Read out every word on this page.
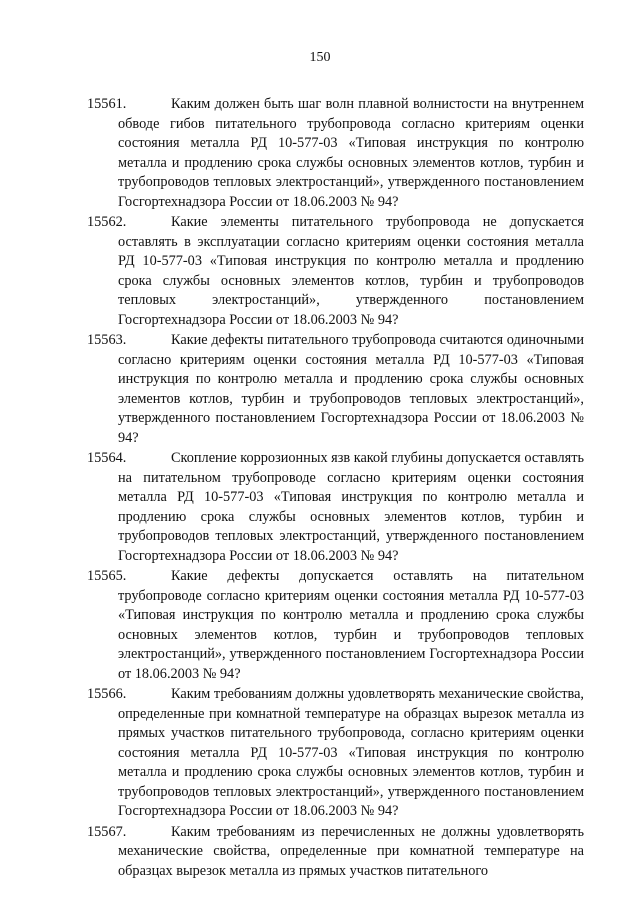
150

15561.	Каким должен быть шаг волн плавной волнистости на внутреннем обводе гибов питательного трубопровода согласно критериям оценки состояния металла РД 10-577-03 «Типовая инструкция по контролю металла и продлению срока службы основных элементов котлов, турбин и трубопроводов тепловых электростанций», утвержденного постановлением Госгортехнадзора России от 18.06.2003 № 94?

15562.	Какие элементы питательного трубопровода не допускается оставлять в эксплуатации согласно критериям оценки состояния металла РД 10-577-03 «Типовая инструкция по контролю металла и продлению срока службы основных элементов котлов, турбин и трубопроводов тепловых электростанций», утвержденного постановлением Госгортехнадзора России от 18.06.2003 № 94?

15563.	Какие дефекты питательного трубопровода считаются одиночными согласно критериям оценки состояния металла РД 10-577-03 «Типовая инструкция по контролю металла и продлению срока службы основных элементов котлов, турбин и трубопроводов тепловых электростанций», утвержденного постановлением Госгортехнадзора России от 18.06.2003 № 94?

15564.	Скопление коррозионных язв какой глубины допускается оставлять на питательном трубопроводе согласно критериям оценки состояния металла РД 10-577-03 «Типовая инструкция по контролю металла и продлению срока службы основных элементов котлов, турбин и трубопроводов тепловых электростанций, утвержденного постановлением Госгортехнадзора России от 18.06.2003 № 94?

15565.	Какие дефекты допускается оставлять на питательном трубопроводе согласно критериям оценки состояния металла РД 10-577-03 «Типовая инструкция по контролю металла и продлению срока службы основных элементов котлов, турбин и трубопроводов тепловых электростанций», утвержденного постановлением Госгортехнадзора России от 18.06.2003 № 94?

15566.	Каким требованиям должны удовлетворять механические свойства, определенные при комнатной температуре на образцах вырезок металла из прямых участков питательного трубопровода, согласно критериям оценки состояния металла РД 10-577-03 «Типовая инструкция по контролю металла и продлению срока службы основных элементов котлов, турбин и трубопроводов тепловых электростанций», утвержденного постановлением Госгортехнадзора России от 18.06.2003 № 94?

15567.	Каким требованиям из перечисленных не должны удовлетворять механические свойства, определенные при комнатной температуре на образцах вырезок металла из прямых участков питательного
